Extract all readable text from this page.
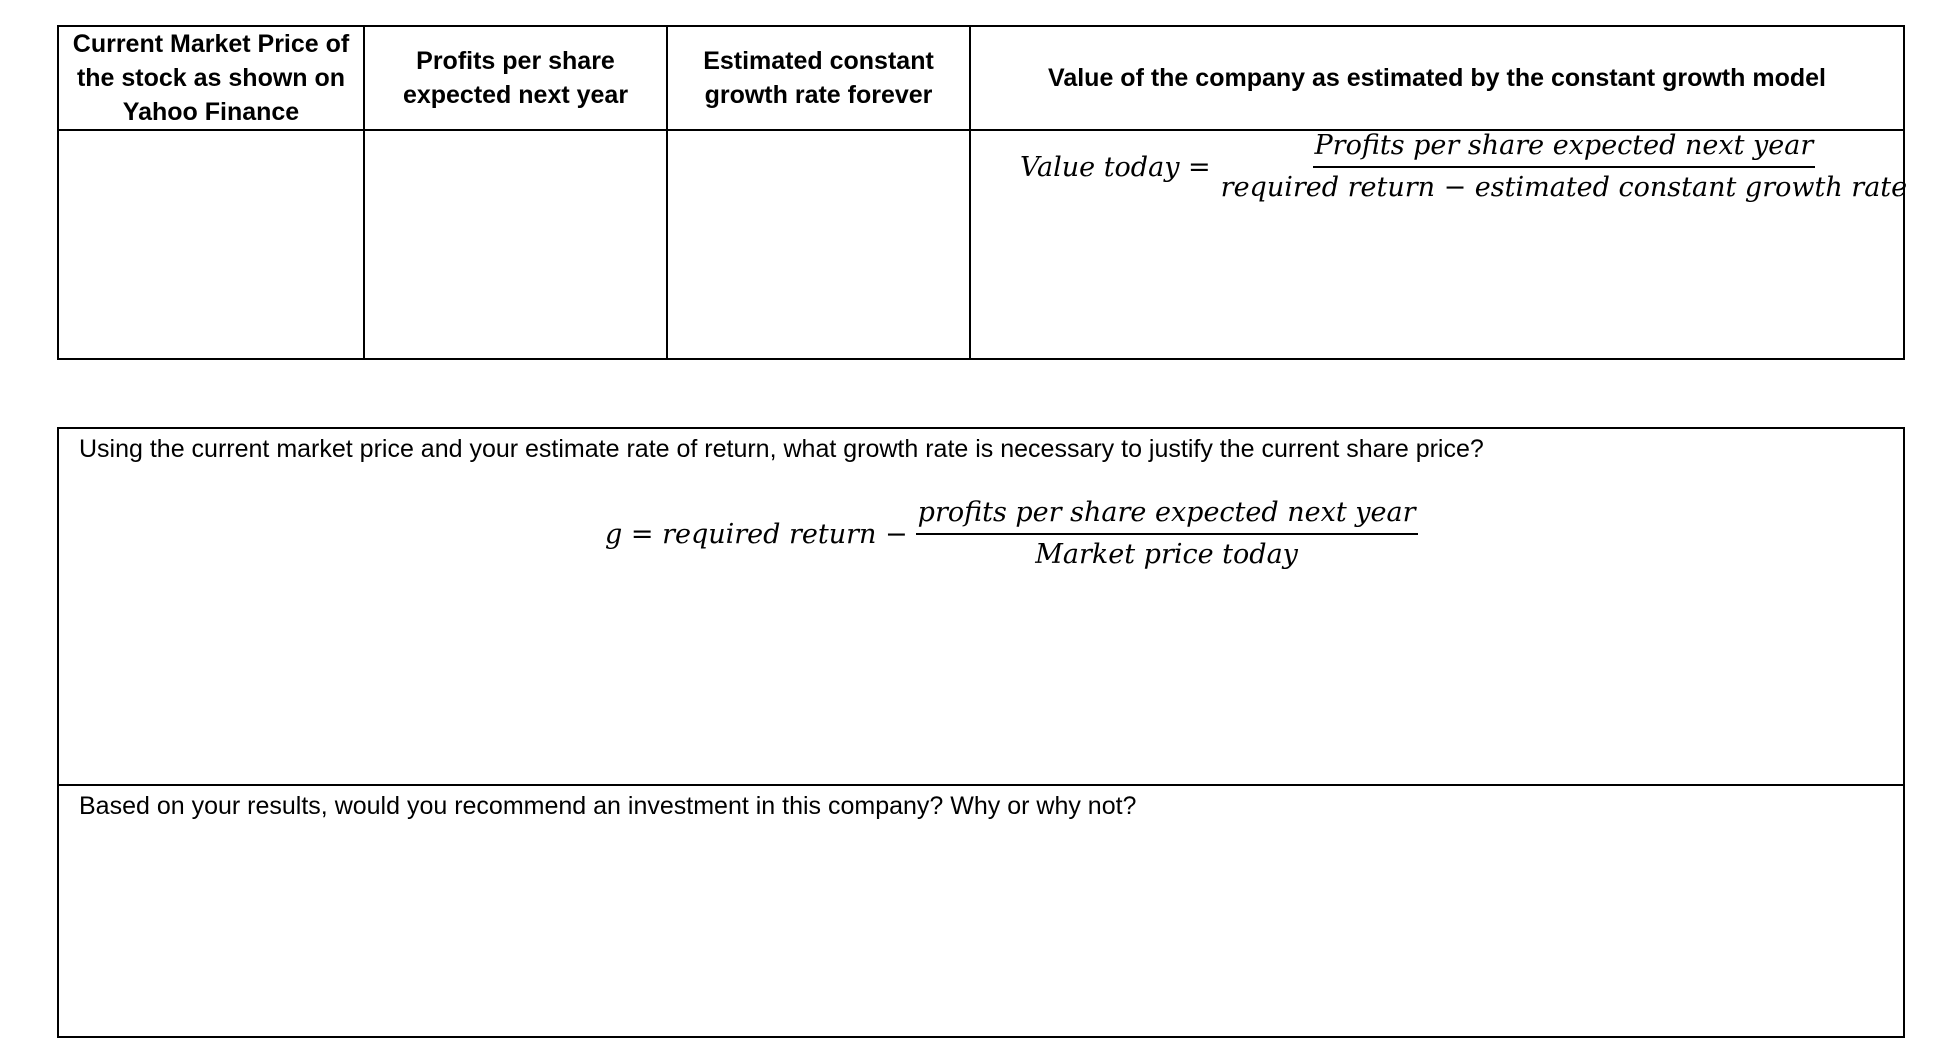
Current Market Price of the stock as shown on Yahoo Finance
Profits per share expected next year
Estimated constant growth rate forever
Value of the company as estimated by the constant growth model
Value today = $\frac{\text{Profits per share expected next year}}{\text{required return − estimated constant growth rate}}$
Using the current market price and your estimate rate of return, what growth rate is necessary to justify the current share price?
g = required return − $\frac{\text{profits per share expected next year}}{\text{Market price today}}$
Based on your results, would you recommend an investment in this company? Why or why not?
